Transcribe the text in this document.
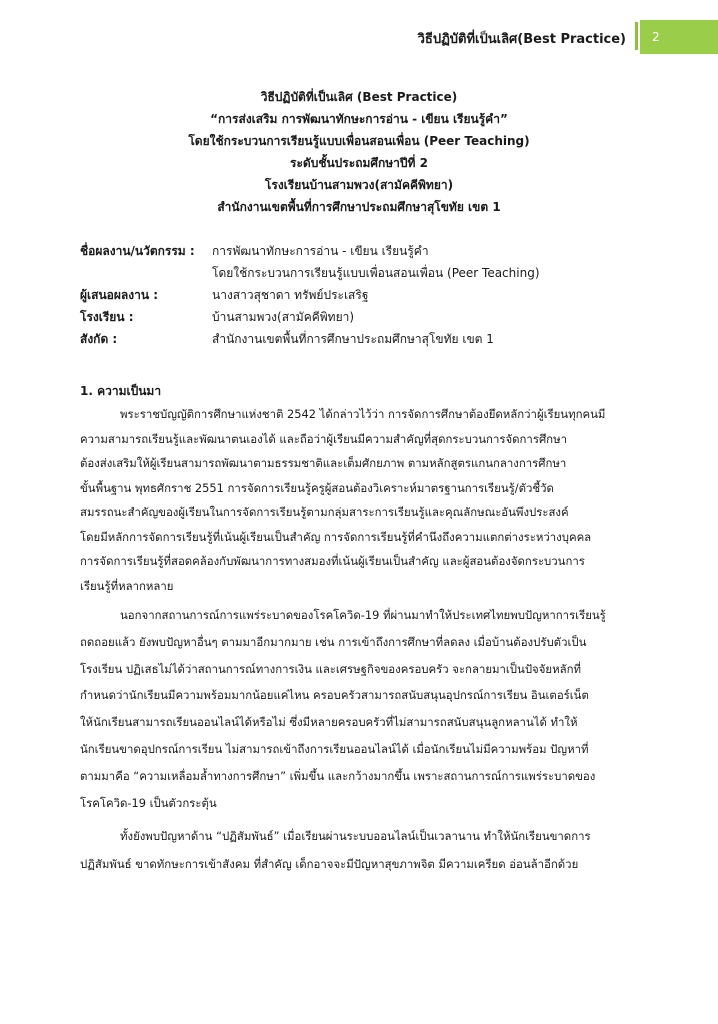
วิธีปฏิบัติที่เป็นเลิศ(Best Practice)	2
วิธีปฏิบัติที่เป็นเลิศ (Best Practice)
“การส่งเสริม การพัฒนาทักษะการอ่าน - เขียน เรียนรู้คำ”
โดยใช้กระบวนการเรียนรู้แบบเพื่อนสอนเพื่อน (Peer Teaching)
ระดับชั้นประถมศึกษาปีที่ 2
โรงเรียนบ้านสามพวง(สามัคคีพิทยา)
สำนักงานเขตพื้นที่การศึกษาประถมศึกษาสุโขทัย เขต 1
ชื่อผลงาน/นวัตกรรม :	การพัฒนาทักษะการอ่าน - เขียน เรียนรู้คำ
โดยใช้กระบวนการเรียนรู้แบบเพื่อนสอนเพื่อน (Peer Teaching)
ผู้เสนอผลงาน :	นางสาวสุชาดา ทรัพย์ประเสริฐ
โรงเรียน :	บ้านสามพวง(สามัคคีพิทยา)
สังกัด :	สำนักงานเขตพื้นที่การศึกษาประถมศึกษาสุโขทัย เขต 1
1. ความเป็นมา

พระราชบัญญัติการศึกษาแห่งชาติ 2542 ได้กล่าวไว้ว่า การจัดการศึกษาต้องยึดหลักว่าผู้เรียนทุกคนมี
ความสามารถเรียนรู้และพัฒนาตนเองได้ และถือว่าผู้เรียนมีความสำคัญที่สุดกระบวนการจัดการศึกษา
ต้องส่งเสริมให้ผู้เรียนสามารถพัฒนาตามธรรมชาติและเต็มศักยภาพ ตามหลักสูตรแกนกลางการศึกษา
ขั้นพื้นฐาน พุทธศักราช 2551 การจัดการเรียนรู้ครูผู้สอนต้องวิเคราะห์มาตรฐานการเรียนรู้/ตัวชี้วัด
สมรรถนะสำคัญของผู้เรียนในการจัดการเรียนรู้ตามกลุ่มสาระการเรียนรู้และคุณลักษณะอันพึงประสงค์
โดยมีหลักการจัดการเรียนรู้ที่เน้นผู้เรียนเป็นสำคัญ การจัดการเรียนรู้ที่คำนึงถึงความแตกต่างระหว่างบุคคล
การจัดการเรียนรู้ที่สอดคล้องกับพัฒนาการทางสมองที่เน้นผู้เรียนเป็นสำคัญ และผู้สอนต้องจัดกระบวนการ
เรียนรู้ที่หลากหลาย

นอกจากสถานการณ์การแพร่ระบาดของโรคโควิด-19 ที่ผ่านมาทำให้ประเทศไทยพบปัญหาการเรียนรู้
ถดถอยแล้ว ยังพบปัญหาอื่นๆ ตามมาอีกมากมาย เช่น การเข้าถึงการศึกษาที่ลดลง เมื่อบ้านต้องปรับตัวเป็น
โรงเรียน ปฏิเสธไม่ได้ว่าสถานการณ์ทางการเงิน และเศรษฐกิจของครอบครัว จะกลายมาเป็นปัจจัยหลักที่
กำหนดว่านักเรียนมีความพร้อมมากน้อยแค่ไหน ครอบครัวสามารถสนับสนุนอุปกรณ์การเรียน อินเตอร์เน็ต
ให้นักเรียนสามารถเรียนออนไลน์ได้หรือไม่ ซึ่งมีหลายครอบครัวที่ไม่สามารถสนับสนุนลูกหลานได้ ทำให้
นักเรียนขาดอุปกรณ์การเรียน ไม่สามารถเข้าถึงการเรียนออนไลน์ได้ เมื่อนักเรียนไม่มีความพร้อม ปัญหาที่
ตามมาคือ “ความเหลื่อมล้ำทางการศึกษา” เพิ่มขึ้น และกว้างมากขึ้น เพราะสถานการณ์การแพร่ระบาดของ
โรคโควิด-19 เป็นตัวกระตุ้น

ทั้งยังพบปัญหาด้าน “ปฏิสัมพันธ์” เมื่อเรียนผ่านระบบออนไลน์เป็นเวลานาน ทำให้นักเรียนขาดการ
ปฏิสัมพันธ์ ขาดทักษะการเข้าสังคม ที่สำคัญ เด็กอาจจะมีปัญหาสุขภาพจิต มีความเครียด อ่อนล้าอีกด้วย
